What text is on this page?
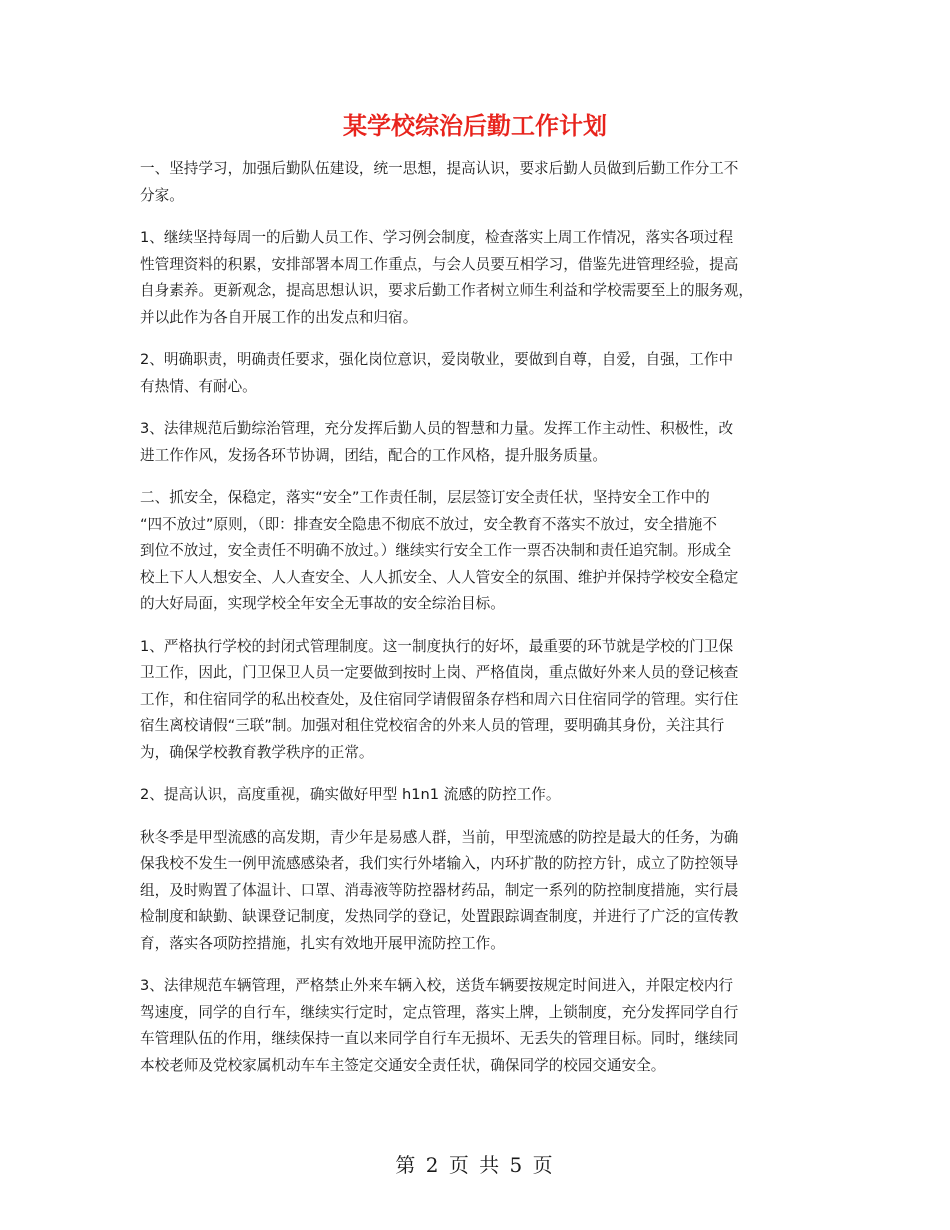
某学校综治后勤工作计划

一、坚持学习，加强后勤队伍建设，统一思想，提高认识，要求后勤人员做到后勤工作分工不
分家。

1、继续坚持每周一的后勤人员工作、学习例会制度，检查落实上周工作情况，落实各项过程
性管理资料的积累，安排部署本周工作重点，与会人员要互相学习，借鉴先进管理经验，提高
自身素养。更新观念，提高思想认识，要求后勤工作者树立师生利益和学校需要至上的服务观，
并以此作为各自开展工作的出发点和归宿。

2、明确职责，明确责任要求，强化岗位意识，爱岗敬业，要做到自尊，自爱，自强，工作中
有热情、有耐心。

3、法律规范后勤综治管理，充分发挥后勤人员的智慧和力量。发挥工作主动性、积极性，改
进工作作风，发扬各环节协调，团结，配合的工作风格，提升服务质量。

二、抓安全，保稳定，落实“安全”工作责任制，层层签订安全责任状，坚持安全工作中的
“四不放过”原则，（即：排查安全隐患不彻底不放过，安全教育不落实不放过，安全措施不
到位不放过，安全责任不明确不放过。）继续实行安全工作一票否决制和责任追究制。形成全
校上下人人想安全、人人查安全、人人抓安全、人人管安全的氛围、维护并保持学校安全稳定
的大好局面，实现学校全年安全无事故的安全综治目标。

1、严格执行学校的封闭式管理制度。这一制度执行的好坏，最重要的环节就是学校的门卫保
卫工作，因此，门卫保卫人员一定要做到按时上岗、严格值岗，重点做好外来人员的登记核查
工作，和住宿同学的私出校查处，及住宿同学请假留条存档和周六日住宿同学的管理。实行住
宿生离校请假“三联”制。加强对租住党校宿舍的外来人员的管理，要明确其身份，关注其行
为，确保学校教育教学秩序的正常。

2、提高认识，高度重视，确实做好甲型 h1n1 流感的防控工作。

秋冬季是甲型流感的高发期，青少年是易感人群，当前，甲型流感的防控是最大的任务，为确
保我校不发生一例甲流感感染者，我们实行外堵输入，内环扩散的防控方针，成立了防控领导
组，及时购置了体温计、口罩、消毒液等防控器材药品，制定一系列的防控制度措施，实行晨
检制度和缺勤、缺课登记制度，发热同学的登记，处置跟踪调查制度，并进行了广泛的宣传教
育，落实各项防控措施，扎实有效地开展甲流防控工作。

3、法律规范车辆管理，严格禁止外来车辆入校，送货车辆要按规定时间进入，并限定校内行
驾速度，同学的自行车，继续实行定时，定点管理，落实上牌，上锁制度，充分发挥同学自行
车管理队伍的作用，继续保持一直以来同学自行车无损坏、无丢失的管理目标。同时，继续同
本校老师及党校家属机动车车主签定交通安全责任状，确保同学的校园交通安全。

第 2 页 共 5 页
